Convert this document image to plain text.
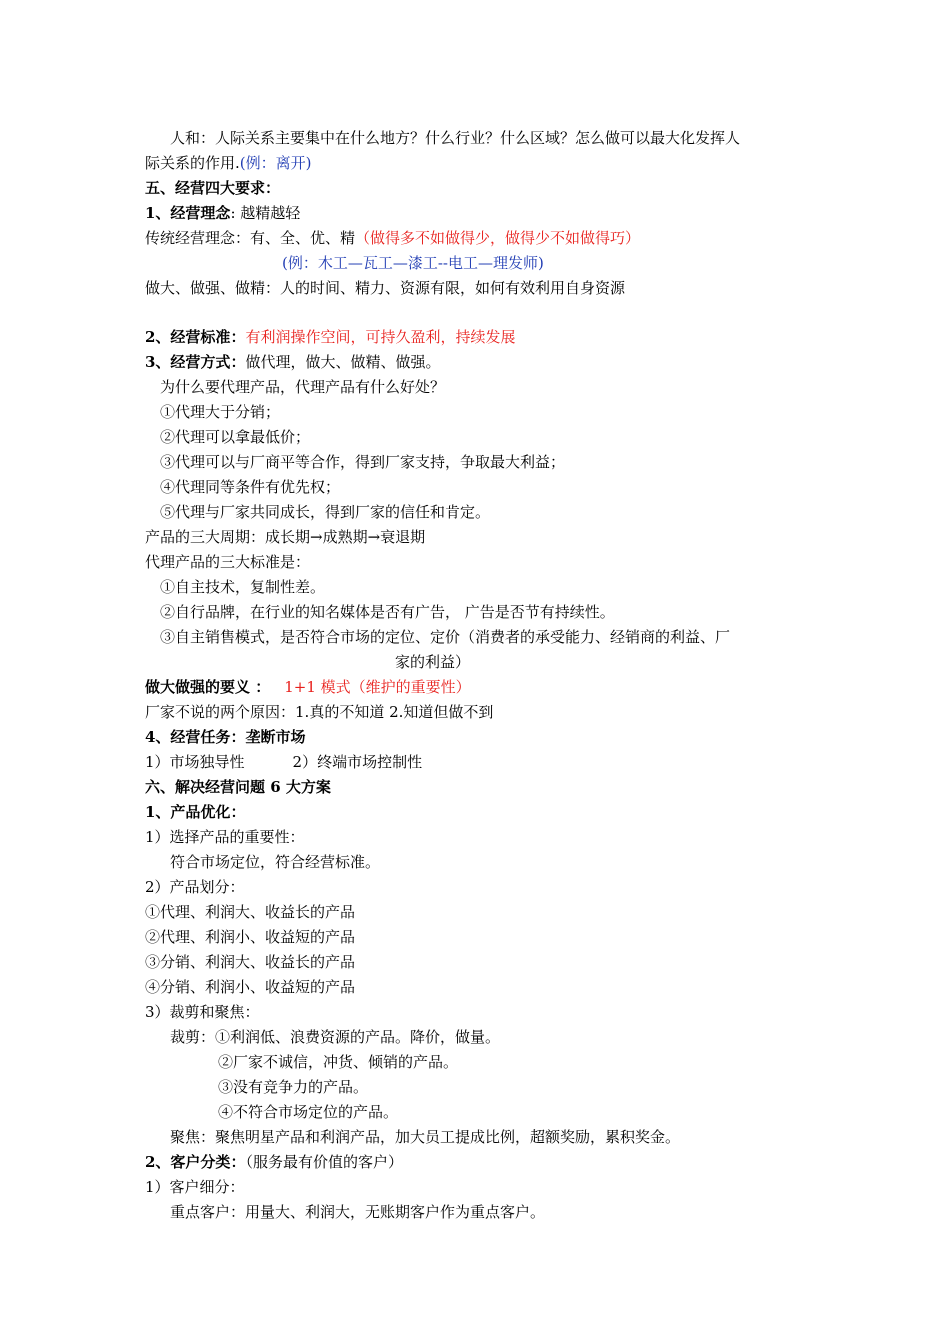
人和：人际关系主要集中在什么地方？什么行业？什么区域？怎么做可以最大化发挥人
际关系的作用.(例：离开)
五、经营四大要求：
1、经营理念: 越精越轻
传统经营理念：有、全、优、精（做得多不如做得少，做得少不如做得巧）
(例：木工—瓦工—漆工--电工—理发师)
做大、做强、做精：人的时间、精力、资源有限，如何有效利用自身资源
2、经营标准：有利润操作空间，可持久盈利，持续发展
3、经营方式：做代理，做大、做精、做强。
为什么要代理产品，代理产品有什么好处？
①代理大于分销；
②代理可以拿最低价；
③代理可以与厂商平等合作，得到厂家支持，争取最大利益；
④代理同等条件有优先权；
⑤代理与厂家共同成长，得到厂家的信任和肯定。
产品的三大周期：成长期→成熟期→衰退期
代理产品的三大标准是：
①自主技术，复制性差。
②自行品牌，在行业的知名媒体是否有广告， 广告是否节有持续性。
③自主销售模式，是否符合市场的定位、定价（消费者的承受能力、经销商的利益、厂
家的利益）
做大做强的要义 ： 1+1 模式（维护的重要性）
厂家不说的两个原因：1.真的不知道 2.知道但做不到
4、经营任务：垄断市场
1）市场独导性	2）终端市场控制性
六、解决经营问题 6 大方案
1、产品优化：
1）选择产品的重要性：
符合市场定位，符合经营标准。
2）产品划分：
①代理、利润大、收益长的产品
②代理、利润小、收益短的产品
③分销、利润大、收益长的产品
④分销、利润小、收益短的产品
3）裁剪和聚焦：
裁剪：①利润低、浪费资源的产品。降价，做量。
②厂家不诚信，冲货、倾销的产品。
③没有竞争力的产品。
④不符合市场定位的产品。
聚焦：聚焦明星产品和利润产品，加大员工提成比例，超额奖励，累积奖金。
2、客户分类：（服务最有价值的客户）
1）客户细分：
重点客户：用量大、利润大，无账期客户作为重点客户。
